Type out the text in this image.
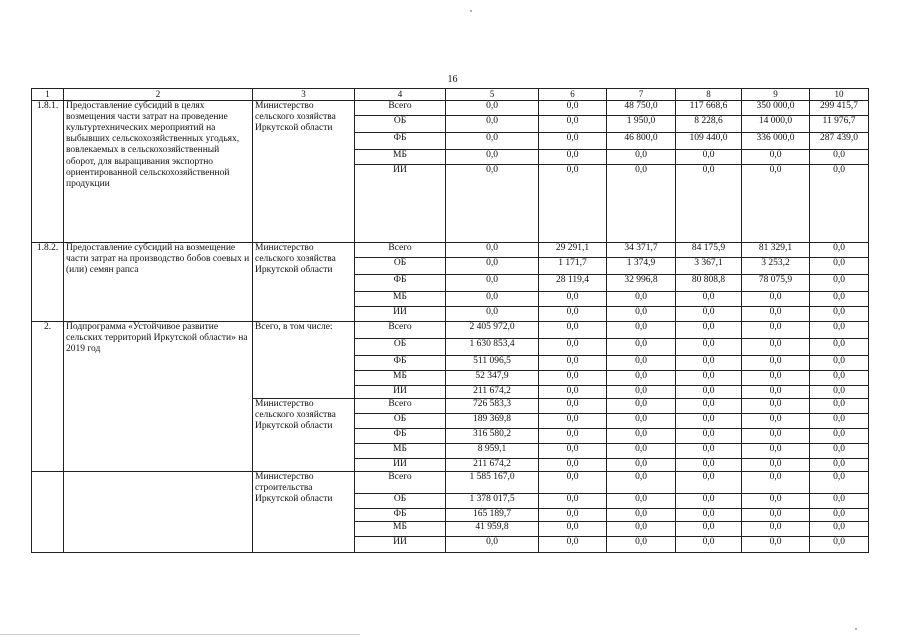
16
1	2	3	4	5	6	7	8	9	10
1.8.1.	Предоставление субсидий в целях возмещения части затрат на проведение культуртехнических мероприятий на выбывших сельскохозяйственных угодьях, вовлекаемых в сельскохозяйственный оборот, для выращивания экспортно ориентированной сельскохозяйственной продукции	Министерство сельского хозяйства Иркутской области	Всего	0,0	0,0	48 750,0	117 668,6	350 000,0	299 415,7
			ОБ	0,0	0,0	1 950,0	8 228,6	14 000,0	11 976,7
			ФБ	0,0	0,0	46 800,0	109 440,0	336 000,0	287 439,0
			МБ	0,0	0,0	0,0	0,0	0,0	0,0
			ИИ	0,0	0,0	0,0	0,0	0,0	0,0
1.8.2.	Предоставление субсидий на возмещение части затрат на производство бобов соевых и (или) семян рапса	Министерство сельского хозяйства Иркутской области	Всего	0,0	29 291,1	34 371,7	84 175,9	81 329,1	0,0
			ОБ	0,0	1 171,7	1 374,9	3 367,1	3 253,2	0,0
			ФБ	0,0	28 119,4	32 996,8	80 808,8	78 075,9	0,0
			МБ	0,0	0,0	0,0	0,0	0,0	0,0
			ИИ	0,0	0,0	0,0	0,0	0,0	0,0
2.	Подпрограмма «Устойчивое развитие сельских территорий Иркутской области» на 2019 год	Всего, в том числе:	Всего	2 405 972,0	0,0	0,0	0,0	0,0	0,0
			ОБ	1 630 853,4	0,0	0,0	0,0	0,0	0,0
			ФБ	511 096,5	0,0	0,0	0,0	0,0	0,0
			МБ	52 347,9	0,0	0,0	0,0	0,0	0,0
			ИИ	211 674,2	0,0	0,0	0,0	0,0	0,0
		Министерство сельского хозяйства Иркутской области	Всего	726 583,3	0,0	0,0	0,0	0,0	0,0
			ОБ	189 369,8	0,0	0,0	0,0	0,0	0,0
			ФБ	316 580,2	0,0	0,0	0,0	0,0	0,0
			МБ	8 959,1	0,0	0,0	0,0	0,0	0,0
			ИИ	211 674,2	0,0	0,0	0,0	0,0	0,0
		Министерство строительства Иркутской области	Всего	1 585 167,0	0,0	0,0	0,0	0,0	0,0
			ОБ	1 378 017,5	0,0	0,0	0,0	0,0	0,0
			ФБ	165 189,7	0,0	0,0	0,0	0,0	0,0
			МБ	41 959,8	0,0	0,0	0,0	0,0	0,0
			ИИ	0,0	0,0	0,0	0,0	0,0	0,0
